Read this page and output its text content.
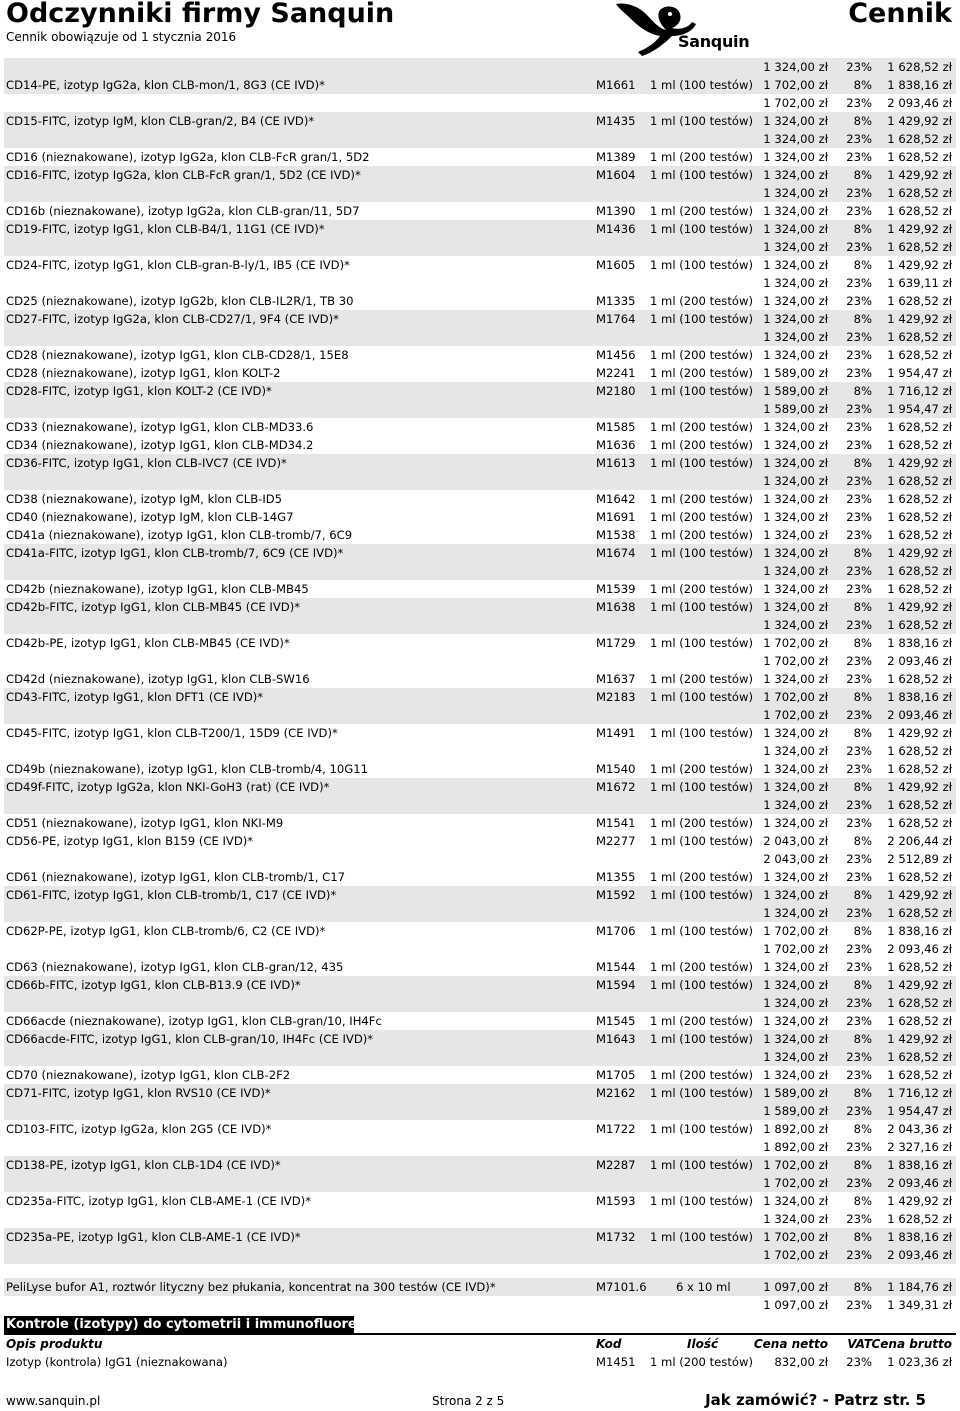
Odczynniki firmy Sanquin
Cennik obowiązuje od 1 stycznia 2016	Sanquin
Cennik
1 324,00 zł 23% 1 628,52 zł
CD14-PE, izotyp IgG2a, klon CLB-mon/1, 8G3 (CE IVD)*	M1661 1 ml (100 testów) 1 702,00 zł 8% 1 838,16 zł
1 702,00 zł 23% 2 093,46 zł
CD15-FITC, izotyp IgM, klon CLB-gran/2, B4 (CE IVD)*	M1435 1 ml (100 testów) 1 324,00 zł 8% 1 429,92 zł
1 324,00 zł 23% 1 628,52 zł
CD16 (nieznakowane), izotyp IgG2a, klon CLB-FcR gran/1, 5D2	M1389 1 ml (200 testów) 1 324,00 zł 23% 1 628,52 zł
CD16-FITC, izotyp IgG2a, klon CLB-FcR gran/1, 5D2 (CE IVD)*	M1604 1 ml (100 testów) 1 324,00 zł 8% 1 429,92 zł
1 324,00 zł 23% 1 628,52 zł
CD16b (nieznakowane), izotyp IgG2a, klon CLB-gran/11, 5D7	M1390 1 ml (200 testów) 1 324,00 zł 23% 1 628,52 zł
CD19-FITC, izotyp IgG1, klon CLB-B4/1, 11G1 (CE IVD)*	M1436 1 ml (100 testów) 1 324,00 zł 8% 1 429,92 zł
1 324,00 zł 23% 1 628,52 zł
CD24-FITC, izotyp IgG1, klon CLB-gran-B-ly/1, IB5 (CE IVD)*	M1605 1 ml (100 testów) 1 324,00 zł 8% 1 429,92 zł
1 324,00 zł 23% 1 639,11 zł
CD25 (nieznakowane), izotyp IgG2b, klon CLB-IL2R/1, TB 30	M1335 1 ml (200 testów) 1 324,00 zł 23% 1 628,52 zł
CD27-FITC, izotyp IgG2a, klon CLB-CD27/1, 9F4 (CE IVD)*	M1764 1 ml (100 testów) 1 324,00 zł 8% 1 429,92 zł
1 324,00 zł 23% 1 628,52 zł
CD28 (nieznakowane), izotyp IgG1, klon CLB-CD28/1, 15E8	M1456 1 ml (200 testów) 1 324,00 zł 23% 1 628,52 zł
CD28 (nieznakowane), izotyp IgG1, klon KOLT-2	M2241 1 ml (200 testów) 1 589,00 zł 23% 1 954,47 zł
CD28-FITC, izotyp IgG1, klon KOLT-2 (CE IVD)*	M2180 1 ml (100 testów) 1 589,00 zł 8% 1 716,12 zł
1 589,00 zł 23% 1 954,47 zł
CD33 (nieznakowane), izotyp IgG1, klon CLB-MD33.6	M1585 1 ml (200 testów) 1 324,00 zł 23% 1 628,52 zł
CD34 (nieznakowane), izotyp IgG1, klon CLB-MD34.2	M1636 1 ml (200 testów) 1 324,00 zł 23% 1 628,52 zł
CD36-FITC, izotyp IgG1, klon CLB-IVC7 (CE IVD)*	M1613 1 ml (100 testów) 1 324,00 zł 8% 1 429,92 zł
1 324,00 zł 23% 1 628,52 zł
CD38 (nieznakowane), izotyp IgM, klon CLB-ID5	M1642 1 ml (200 testów) 1 324,00 zł 23% 1 628,52 zł
CD40 (nieznakowane), izotyp IgM, klon CLB-14G7	M1691 1 ml (200 testów) 1 324,00 zł 23% 1 628,52 zł
CD41a (nieznakowane), izotyp IgG1, klon CLB-tromb/7, 6C9	M1538 1 ml (200 testów) 1 324,00 zł 23% 1 628,52 zł
CD41a-FITC, izotyp IgG1, klon CLB-tromb/7, 6C9 (CE IVD)*	M1674 1 ml (100 testów) 1 324,00 zł 8% 1 429,92 zł
1 324,00 zł 23% 1 628,52 zł
CD42b (nieznakowane), izotyp IgG1, klon CLB-MB45	M1539 1 ml (200 testów) 1 324,00 zł 23% 1 628,52 zł
CD42b-FITC, izotyp IgG1, klon CLB-MB45 (CE IVD)*	M1638 1 ml (100 testów) 1 324,00 zł 8% 1 429,92 zł
1 324,00 zł 23% 1 628,52 zł
CD42b-PE, izotyp IgG1, klon CLB-MB45 (CE IVD)*	M1729 1 ml (100 testów) 1 702,00 zł 8% 1 838,16 zł
1 702,00 zł 23% 2 093,46 zł
CD42d (nieznakowane), izotyp IgG1, klon CLB-SW16	M1637 1 ml (200 testów) 1 324,00 zł 23% 1 628,52 zł
CD43-FITC, izotyp IgG1, klon DFT1 (CE IVD)*	M2183 1 ml (100 testów) 1 702,00 zł 8% 1 838,16 zł
1 702,00 zł 23% 2 093,46 zł
CD45-FITC, izotyp IgG1, klon CLB-T200/1, 15D9 (CE IVD)*	M1491 1 ml (100 testów) 1 324,00 zł 8% 1 429,92 zł
1 324,00 zł 23% 1 628,52 zł
CD49b (nieznakowane), izotyp IgG1, klon CLB-tromb/4, 10G11	M1540 1 ml (200 testów) 1 324,00 zł 23% 1 628,52 zł
CD49f-FITC, izotyp IgG2a, klon NKI-GoH3 (rat) (CE IVD)*	M1672 1 ml (100 testów) 1 324,00 zł 8% 1 429,92 zł
1 324,00 zł 23% 1 628,52 zł
CD51 (nieznakowane), izotyp IgG1, klon NKI-M9	M1541 1 ml (200 testów) 1 324,00 zł 23% 1 628,52 zł
CD56-PE, izotyp IgG1, klon B159 (CE IVD)*	M2277 1 ml (100 testów) 2 043,00 zł 8% 2 206,44 zł
2 043,00 zł 23% 2 512,89 zł
CD61 (nieznakowane), izotyp IgG1, klon CLB-tromb/1, C17	M1355 1 ml (200 testów) 1 324,00 zł 23% 1 628,52 zł
CD61-FITC, izotyp IgG1, klon CLB-tromb/1, C17 (CE IVD)*	M1592 1 ml (100 testów) 1 324,00 zł 8% 1 429,92 zł
1 324,00 zł 23% 1 628,52 zł
CD62P-PE, izotyp IgG1, klon CLB-tromb/6, C2 (CE IVD)*	M1706 1 ml (100 testów) 1 702,00 zł 8% 1 838,16 zł
1 702,00 zł 23% 2 093,46 zł
CD63 (nieznakowane), izotyp IgG1, klon CLB-gran/12, 435	M1544 1 ml (200 testów) 1 324,00 zł 23% 1 628,52 zł
CD66b-FITC, izotyp IgG1, klon CLB-B13.9 (CE IVD)*	M1594 1 ml (100 testów) 1 324,00 zł 8% 1 429,92 zł
1 324,00 zł 23% 1 628,52 zł
CD66acde (nieznakowane), izotyp IgG1, klon CLB-gran/10, IH4Fc	M1545 1 ml (200 testów) 1 324,00 zł 23% 1 628,52 zł
CD66acde-FITC, izotyp IgG1, klon CLB-gran/10, IH4Fc (CE IVD)*	M1643 1 ml (100 testów) 1 324,00 zł 8% 1 429,92 zł
1 324,00 zł 23% 1 628,52 zł
CD70 (nieznakowane), izotyp IgG1, klon CLB-2F2	M1705 1 ml (200 testów) 1 324,00 zł 23% 1 628,52 zł
CD71-FITC, izotyp IgG1, klon RVS10 (CE IVD)*	M2162 1 ml (100 testów) 1 589,00 zł 8% 1 716,12 zł
1 589,00 zł 23% 1 954,47 zł
CD103-FITC, izotyp IgG2a, klon 2G5 (CE IVD)*	M1722 1 ml (100 testów) 1 892,00 zł 8% 2 043,36 zł
1 892,00 zł 23% 2 327,16 zł
CD138-PE, izotyp IgG1, klon CLB-1D4 (CE IVD)*	M2287 1 ml (100 testów) 1 702,00 zł 8% 1 838,16 zł
1 702,00 zł 23% 2 093,46 zł
CD235a-FITC, izotyp IgG1, klon CLB-AME-1 (CE IVD)*	M1593 1 ml (100 testów) 1 324,00 zł 8% 1 429,92 zł
1 324,00 zł 23% 1 628,52 zł
CD235a-PE, izotyp IgG1, klon CLB-AME-1 (CE IVD)*	M1732 1 ml (100 testów) 1 702,00 zł 8% 1 838,16 zł
1 702,00 zł 23% 2 093,46 zł
PeliLyse bufor A1, roztwór lityczny bez płukania, koncentrat na 300 testów (CE IVD)*	M7101.6	6 x 10 ml	1 097,00 zł 8% 1 184,76 zł
1 097,00 zł 23% 1 349,31 zł
Kontrole (izotypy) do cytometrii i immunofluorescencji
Opis produktu	Kod	Ilość	Cena netto VAT Cena brutto
Izotyp (kontrola) IgG1 (nieznakowana)	M1451 1 ml (200 testów) 832,00 zł 23% 1 023,36 zł
www.sanquin.pl	Strona 2 z 5	Jak zamówić? - Patrz str. 5
